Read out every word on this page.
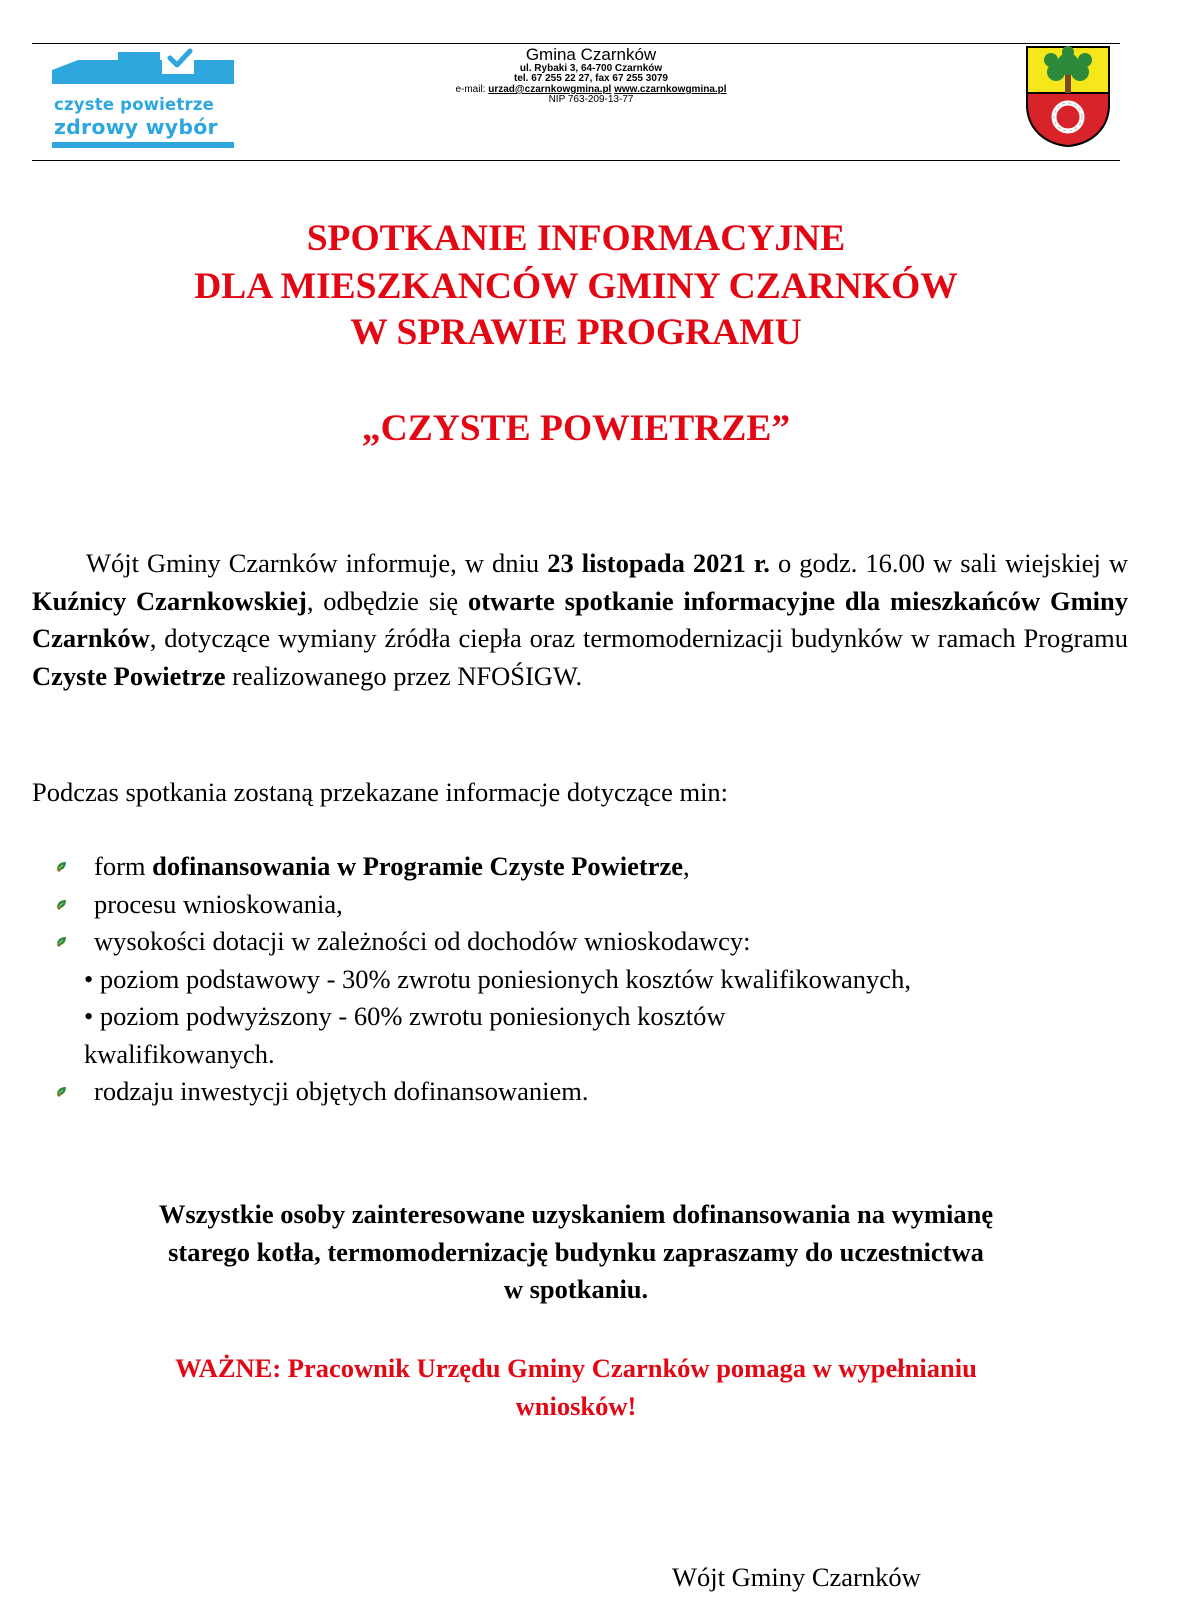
czyste powietrze
zdrowy wybór
Gmina Czarnków
ul. Rybaki 3, 64-700 Czarnków
tel. 67 255 22 27, fax 67 255 3079
e-mail: urzad@czarnkowgmina.pl www.czarnkowgmina.pl
NIP 763-209-13-77
SPOTKANIE INFORMACYJNE
DLA MIESZKANCÓW GMINY CZARNKÓW
W SPRAWIE PROGRAMU
„CZYSTE POWIETRZE”

Wójt Gminy Czarnków informuje, w dniu 23 listopada 2021 r. o godz. 16.00 w sali wiejskiej w Kuźnicy Czarnkowskiej, odbędzie się otwarte spotkanie informacyjne dla mieszkańców Gminy Czarnków, dotyczące wymiany źródła ciepła oraz termomodernizacji budynków w ramach Programu Czyste Powietrze realizowanego przez NFOŚIGW.

Podczas spotkania zostaną przekazane informacje dotyczące min:

form dofinansowania w Programie Czyste Powietrze,
procesu wnioskowania,
wysokości dotacji w zależności od dochodów wnioskodawcy:
• poziom podstawowy - 30% zwrotu poniesionych kosztów kwalifikowanych,
• poziom podwyższony - 60% zwrotu poniesionych kosztów
kwalifikowanych.
rodzaju inwestycji objętych dofinansowaniem.
Wszystkie osoby zainteresowane uzyskaniem dofinansowania na wymianę
starego kotła, termomodernizację budynku zapraszamy do uczestnictwa
w spotkaniu.
WAŻNE: Pracownik Urzędu Gminy Czarnków pomaga w wypełnianiu
wniosków!
Wójt Gminy Czarnków
